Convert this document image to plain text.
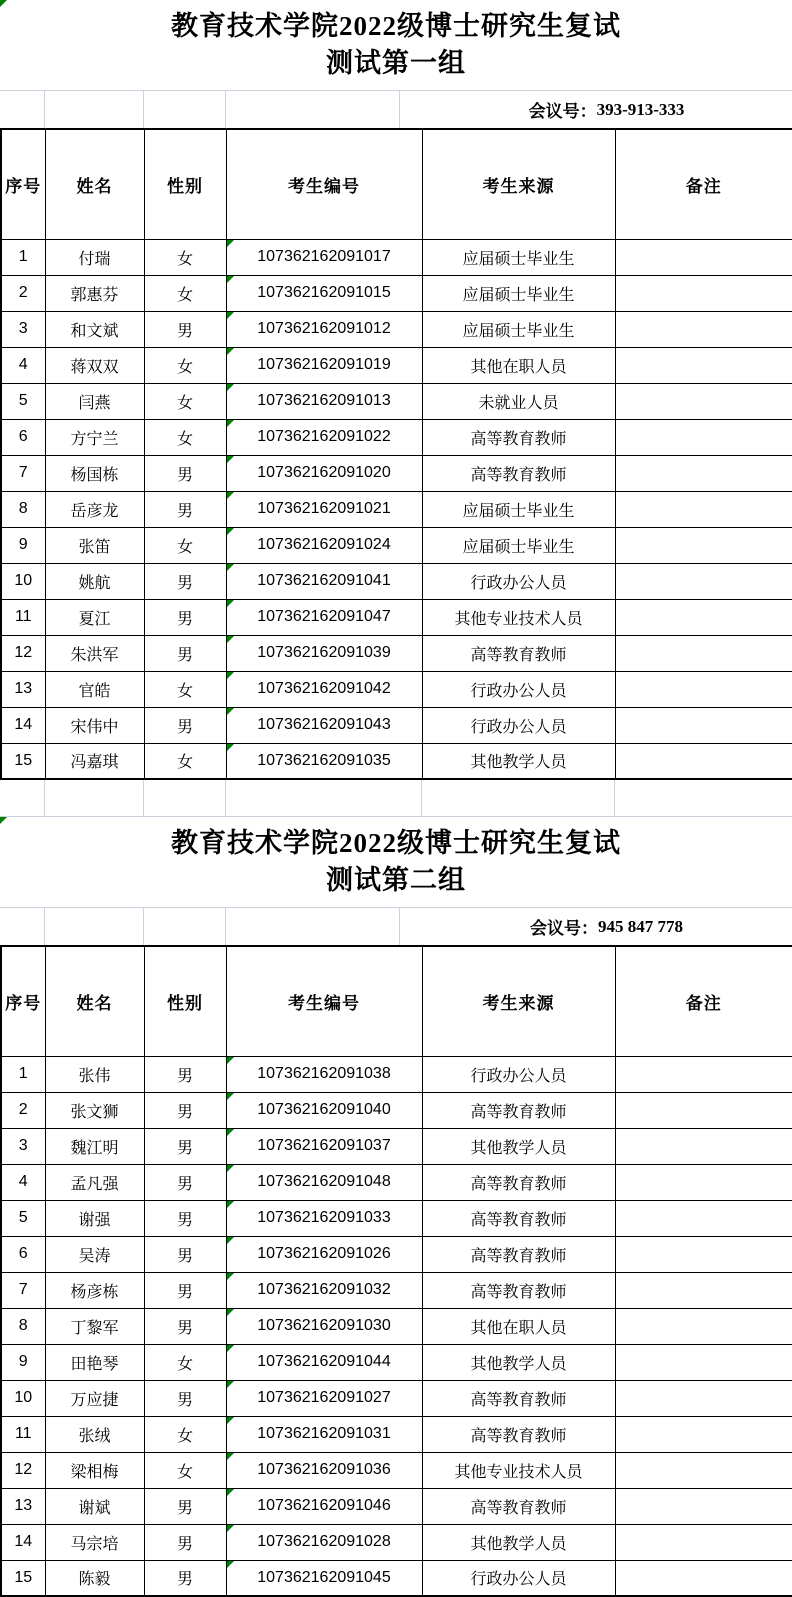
教育技术学院2022级博士研究生复试
测试第一组
会议号： 393-913-333
序号	姓名	性别	考生编号	考生来源	备注
1	付瑞	女	107362162091017	应届硕士毕业生	
2	郭惠芬	女	107362162091015	应届硕士毕业生	
3	和文斌	男	107362162091012	应届硕士毕业生	
4	蒋双双	女	107362162091019	其他在职人员	
5	闫燕	女	107362162091013	未就业人员	
6	方宁兰	女	107362162091022	高等教育教师	
7	杨国栋	男	107362162091020	高等教育教师	
8	岳彦龙	男	107362162091021	应届硕士毕业生	
9	张笛	女	107362162091024	应届硕士毕业生	
10	姚航	男	107362162091041	行政办公人员	
11	夏江	男	107362162091047	其他专业技术人员	
12	朱洪军	男	107362162091039	高等教育教师	
13	官皓	女	107362162091042	行政办公人员	
14	宋伟中	男	107362162091043	行政办公人员	
15	冯嘉琪	女	107362162091035	其他教学人员	
教育技术学院2022级博士研究生复试
测试第二组
会议号： 945 847 778
序号	姓名	性别	考生编号	考生来源	备注
1	张伟	男	107362162091038	行政办公人员	
2	张文狮	男	107362162091040	高等教育教师	
3	魏江明	男	107362162091037	其他教学人员	
4	孟凡强	男	107362162091048	高等教育教师	
5	谢强	男	107362162091033	高等教育教师	
6	吴涛	男	107362162091026	高等教育教师	
7	杨彦栋	男	107362162091032	高等教育教师	
8	丁黎军	男	107362162091030	其他在职人员	
9	田艳琴	女	107362162091044	其他教学人员	
10	万应捷	男	107362162091027	高等教育教师	
11	张绒	女	107362162091031	高等教育教师	
12	梁相梅	女	107362162091036	其他专业技术人员	
13	谢斌	男	107362162091046	高等教育教师	
14	马宗培	男	107362162091028	其他教学人员	
15	陈毅	男	107362162091045	行政办公人员	
